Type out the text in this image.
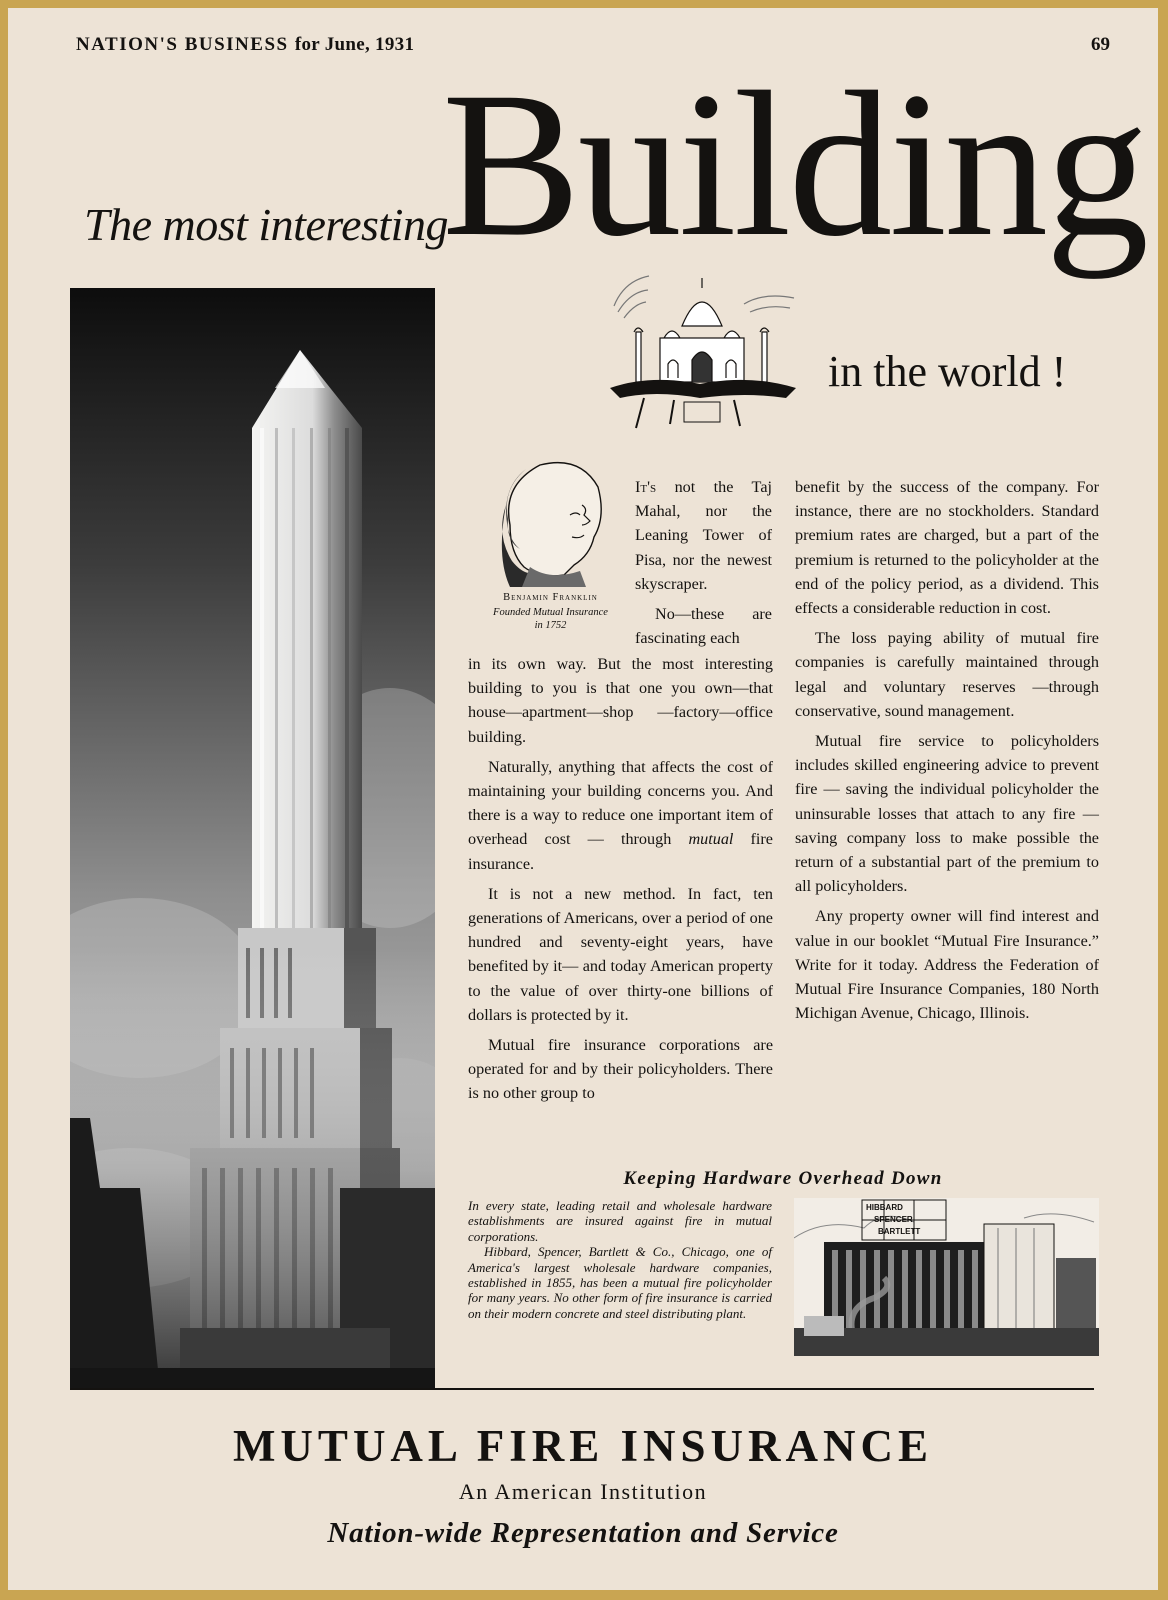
NATION'S BUSINESS for June, 1931	69
The most interesting
Building
in the world !
Benjamin Franklin
Founded Mutual Insurance
in 1752

It's not the Taj Mahal, nor the Leaning Tower of Pisa, nor the newest skyscraper.

No—these are fascinating each

in its own way. But the most interesting building to you is that one you own—that house—apartment—shop —factory—office building.

Naturally, anything that affects the cost of maintaining your building concerns you. And there is a way to reduce one important item of overhead cost — through mutual fire insurance.

It is not a new method. In fact, ten generations of Americans, over a period of one hundred and seventy-eight years, have benefited by it— and today American property to the value of over thirty-one billions of dollars is protected by it.

Mutual fire insurance corporations are operated for and by their policyholders. There is no other group to

benefit by the success of the company. For instance, there are no stockholders. Standard premium rates are charged, but a part of the premium is returned to the policyholder at the end of the policy period, as a dividend. This effects a considerable reduction in cost.

The loss paying ability of mutual fire companies is carefully maintained through legal and voluntary reserves —through conservative, sound management.

Mutual fire service to policyholders includes skilled engineering advice to prevent fire — saving the individual policyholder the uninsurable losses that attach to any fire — saving company loss to make possible the return of a substantial part of the premium to all policyholders.

Any property owner will find interest and value in our booklet “Mutual Fire Insurance.” Write for it today. Address the Federation of Mutual Fire Insurance Companies, 180 North Michigan Avenue, Chicago, Illinois.

Keeping Hardware Overhead Down

In every state, leading retail and wholesale hardware establishments are insured against fire in mutual corporations.

Hibbard, Spencer, Bartlett & Co., Chicago, one of America's largest wholesale hardware companies, established in 1855, has been a mutual fire policyholder for many years. No other form of fire insurance is carried on their modern concrete and steel distributing plant.

HIBBARD
SPENCER
BARTLETT
MUTUAL FIRE INSURANCE
An American Institution
Nation-wide Representation and Service
